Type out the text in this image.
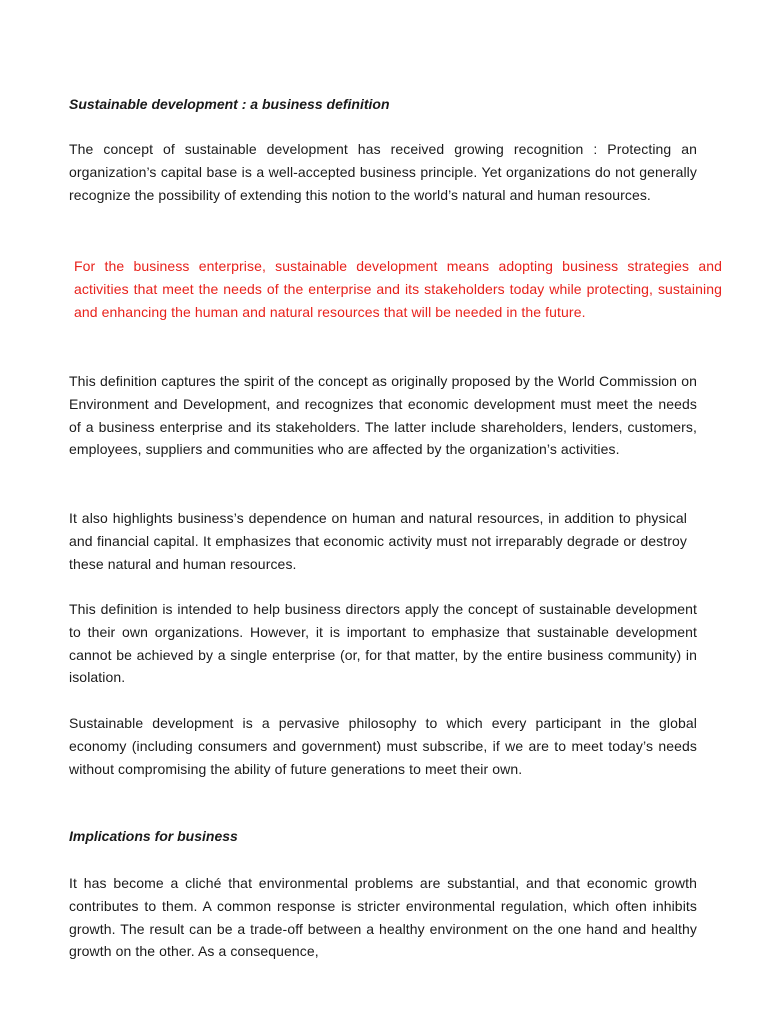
Sustainable development : a business definition

The concept of sustainable development has received growing recognition : Protecting an organization’s capital base is a well-accepted business principle. Yet organizations do not generally recognize the possibility of extending this notion to the world’s natural and human resources.

For the business enterprise, sustainable development means adopting business strategies and activities that meet the needs of the enterprise and its stakeholders today while protecting, sustaining and enhancing the human and natural resources that will be needed in the future.

This definition captures the spirit of the concept as originally proposed by the World Commission on Environment and Development, and recognizes that economic development must meet the needs of a business enterprise and its stakeholders. The latter include shareholders, lenders, customers, employees, suppliers and communities who are affected by the organization’s activities.

It also highlights business’s dependence on human and natural resources, in addition to physical and financial capital. It emphasizes that economic activity must not irreparably degrade or destroy these natural and human resources.

This definition is intended to help business directors apply the concept of sustainable development to their own organizations. However, it is important to emphasize that sustainable development cannot be achieved by a single enterprise (or, for that matter, by the entire business community) in isolation.

Sustainable development is a pervasive philosophy to which every participant in the global economy (including consumers and government) must subscribe, if we are to meet today’s needs without compromising the ability of future generations to meet their own.

Implications for business

It has become a cliché that environmental problems are substantial, and that economic growth contributes to them. A common response is stricter environmental regulation, which often inhibits growth. The result can be a trade-off between a healthy environment on the one hand and healthy growth on the other. As a consequence,
